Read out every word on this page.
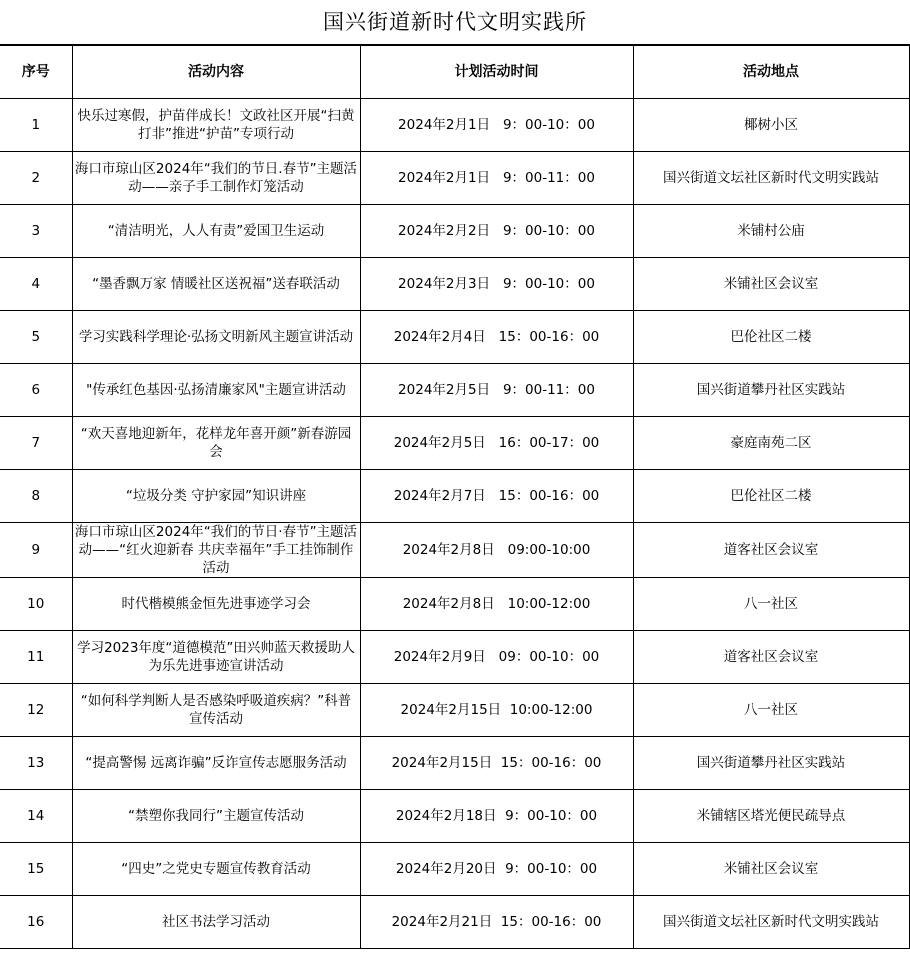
国兴街道新时代文明实践所
序号	活动内容	计划活动时间	活动地点
1	快乐过寒假，护苗伴成长！文政社区开展“扫黄打非”推进“护苗”专项行动	2024年2月1日   9：00-10：00	椰树小区
2	海口市琼山区2024年“我们的节日.春节”主题活动——亲子手工制作灯笼活动	2024年2月1日   9：00-11：00	国兴街道文坛社区新时代文明实践站
3	“清洁明光，人人有责”爱国卫生运动	2024年2月2日   9：00-10：00	米铺村公庙
4	“墨香飘万家 情暖社区送祝福”送春联活动	2024年2月3日   9：00-10：00	米铺社区会议室
5	学习实践科学理论·弘扬文明新风主题宣讲活动	2024年2月4日   15：00-16：00	巴伦社区二楼
6	"传承红色基因·弘扬清廉家风"主题宣讲活动	2024年2月5日   9：00-11：00	国兴街道攀丹社区实践站
7	“欢天喜地迎新年，花样龙年喜开颜”新春游园会	2024年2月5日   16：00-17：00	豪庭南苑二区
8	“垃圾分类 守护家园”知识讲座	2024年2月7日   15：00-16：00	巴伦社区二楼
9	海口市琼山区2024年“我们的节日·春节”主题活动——“红火迎新春 共庆幸福年”手工挂饰制作活动	2024年2月8日   09:00-10:00	道客社区会议室
10	时代楷模熊金恒先进事迹学习会	2024年2月8日   10:00-12:00	八一社区
11	学习2023年度“道德模范”田兴帅蓝天救援助人为乐先进事迹宣讲活动	2024年2月9日   09：00-10：00	道客社区会议室
12	“如何科学判断人是否感染呼吸道疾病？”科普宣传活动	2024年2月15日  10:00-12:00	八一社区
13	“提高警惕 远离诈骗”反诈宣传志愿服务活动	2024年2月15日  15：00-16：00	国兴街道攀丹社区实践站
14	“禁塑你我同行”主题宣传活动	2024年2月18日  9：00-10：00	米铺辖区塔光便民疏导点
15	“四史”之党史专题宣传教育活动	2024年2月20日  9：00-10：00	米铺社区会议室
16	社区书法学习活动	2024年2月21日  15：00-16：00	国兴街道文坛社区新时代文明实践站
